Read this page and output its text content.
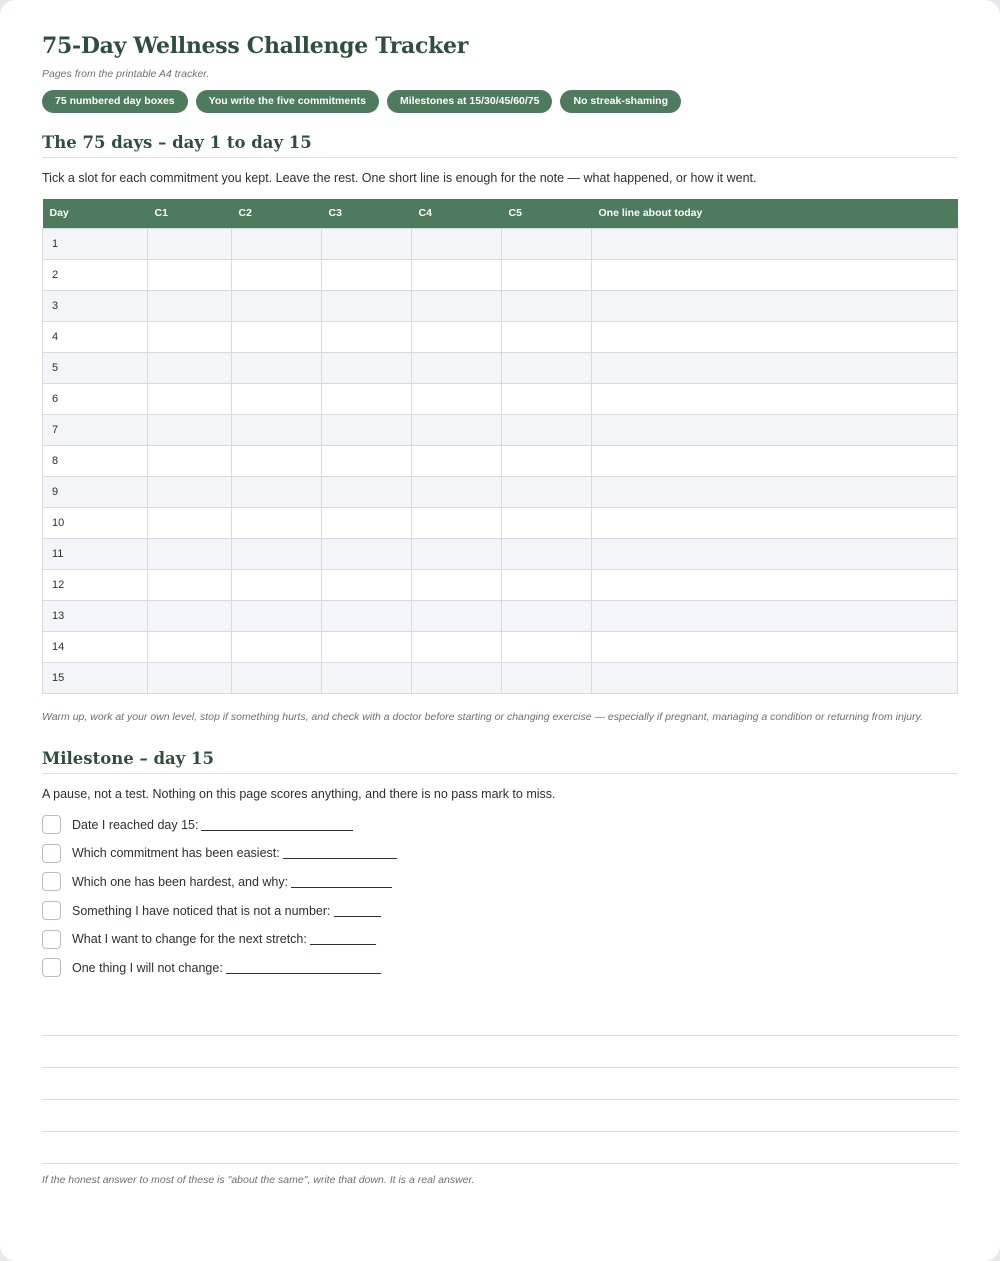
75-Day Wellness Challenge Tracker
Pages from the printable A4 tracker.
75 numbered day boxes	You write the five commitments	Milestones at 15/30/45/60/75	No streak-shaming
The 75 days – day 1 to day 15

Tick a slot for each commitment you kept. Leave the rest. One short line is enough for the note — what happened, or how it went.

Day	C1	C2	C3	C4	C5	One line about today
1						
2						
3						
4						
5						
6						
7						
8						
9						
10						
11						
12						
13						
14						
15						

Warm up, work at your own level, stop if something hurts, and check with a doctor before starting or changing exercise — especially if pregnant, managing a condition or returning from injury.

Milestone – day 15

A pause, not a test. Nothing on this page scores anything, and there is no pass mark to miss.

Date I reached day 15:
Which commitment has been easiest:
Which one has been hardest, and why:
Something I have noticed that is not a number:
What I want to change for the next stretch:
One thing I will not change:

If the honest answer to most of these is "about the same", write that down. It is a real answer.
